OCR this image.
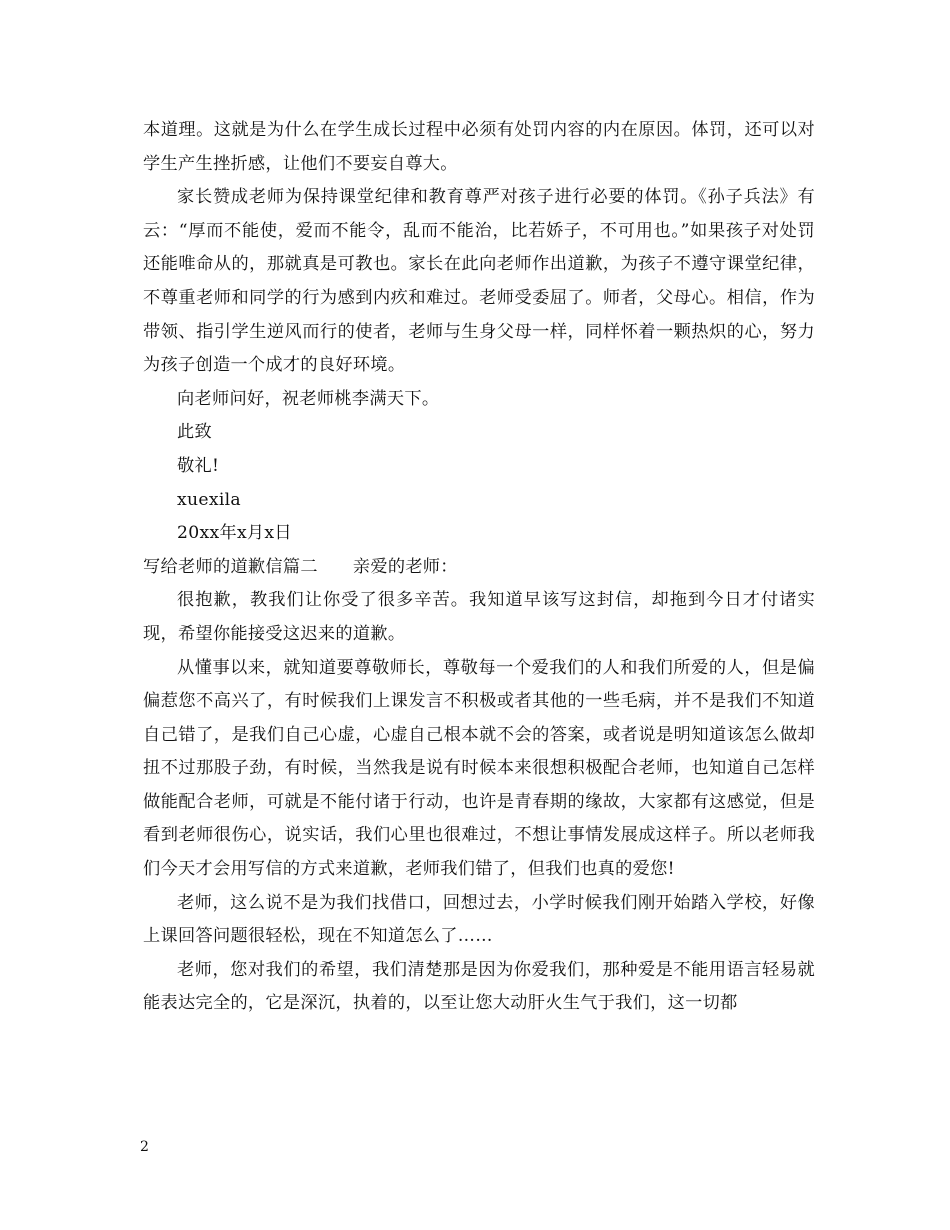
本道理。这就是为什么在学生成长过程中必须有处罚内容的内在原因。体罚，还可以对学生产生挫折感，让他们不要妄自尊大。

家长赞成老师为保持课堂纪律和教育尊严对孩子进行必要的体罚。《孙子兵法》有云：“厚而不能使，爱而不能令，乱而不能治，比若娇子，不可用也。”如果孩子对处罚还能唯命从的，那就真是可教也。家长在此向老师作出道歉，为孩子不遵守课堂纪律，不尊重老师和同学的行为感到内疚和难过。老师受委屈了。师者，父母心。相信，作为带领、指引学生逆风而行的使者，老师与生身父母一样，同样怀着一颗热炽的心，努力为孩子创造一个成才的良好环境。

向老师问好，祝老师桃李满天下。

此致

敬礼!

xuexila

20xx年x月x日

写给老师的道歉信篇二　　亲爱的老师：

很抱歉，教我们让你受了很多辛苦。我知道早该写这封信，却拖到今日才付诸实现，希望你能接受这迟来的道歉。

从懂事以来，就知道要尊敬师长，尊敬每一个爱我们的人和我们所爱的人，但是偏偏惹您不高兴了，有时候我们上课发言不积极或者其他的一些毛病，并不是我们不知道自己错了，是我们自己心虚，心虚自己根本就不会的答案，或者说是明知道该怎么做却扭不过那股子劲，有时候，当然我是说有时候本来很想积极配合老师，也知道自己怎样做能配合老师，可就是不能付诸于行动，也许是青春期的缘故，大家都有这感觉，但是看到老师很伤心，说实话，我们心里也很难过，不想让事情发展成这样子。所以老师我们今天才会用写信的方式来道歉，老师我们错了，但我们也真的爱您!

老师，这么说不是为我们找借口，回想过去，小学时候我们刚开始踏入学校，好像上课回答问题很轻松，现在不知道怎么了……

老师，您对我们的希望，我们清楚那是因为你爱我们，那种爱是不能用语言轻易就能表达完全的，它是深沉，执着的，以至让您大动肝火生气于我们，这一切都

2
